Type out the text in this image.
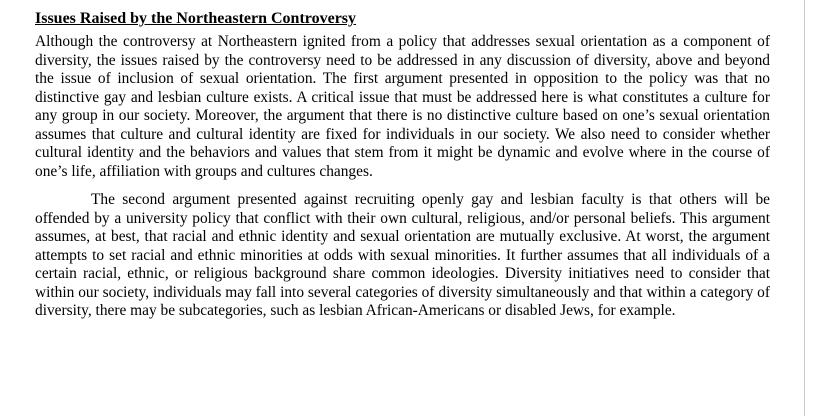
Issues Raised by the Northeastern Controversy

Although the controversy at Northeastern ignited from a policy that addresses sexual orientation as a component of diversity, the issues raised by the controversy need to be addressed in any discussion of diversity, above and beyond the issue of inclusion of sexual orientation. The first argument presented in opposition to the policy was that no distinctive gay and lesbian culture exists. A critical issue that must be addressed here is what constitutes a culture for any group in our society. Moreover, the argument that there is no distinctive culture based on one’s sexual orientation assumes that culture and cultural identity are fixed for individuals in our society. We also need to consider whether cultural identity and the behaviors and values that stem from it might be dynamic and evolve where in the course of one’s life, affiliation with groups and cultures changes.

The second argument presented against recruiting openly gay and lesbian faculty is that others will be offended by a university policy that conflict with their own cultural, religious, and/or personal beliefs. This argument assumes, at best, that racial and ethnic identity and sexual orientation are mutually exclusive. At worst, the argument attempts to set racial and ethnic minorities at odds with sexual minorities. It further assumes that all individuals of a certain racial, ethnic, or religious background share common ideologies. Diversity initiatives need to consider that within our society, individuals may fall into several categories of diversity simultaneously and that within a category of diversity, there may be subcategories, such as lesbian African-Americans or disabled Jews, for example.
